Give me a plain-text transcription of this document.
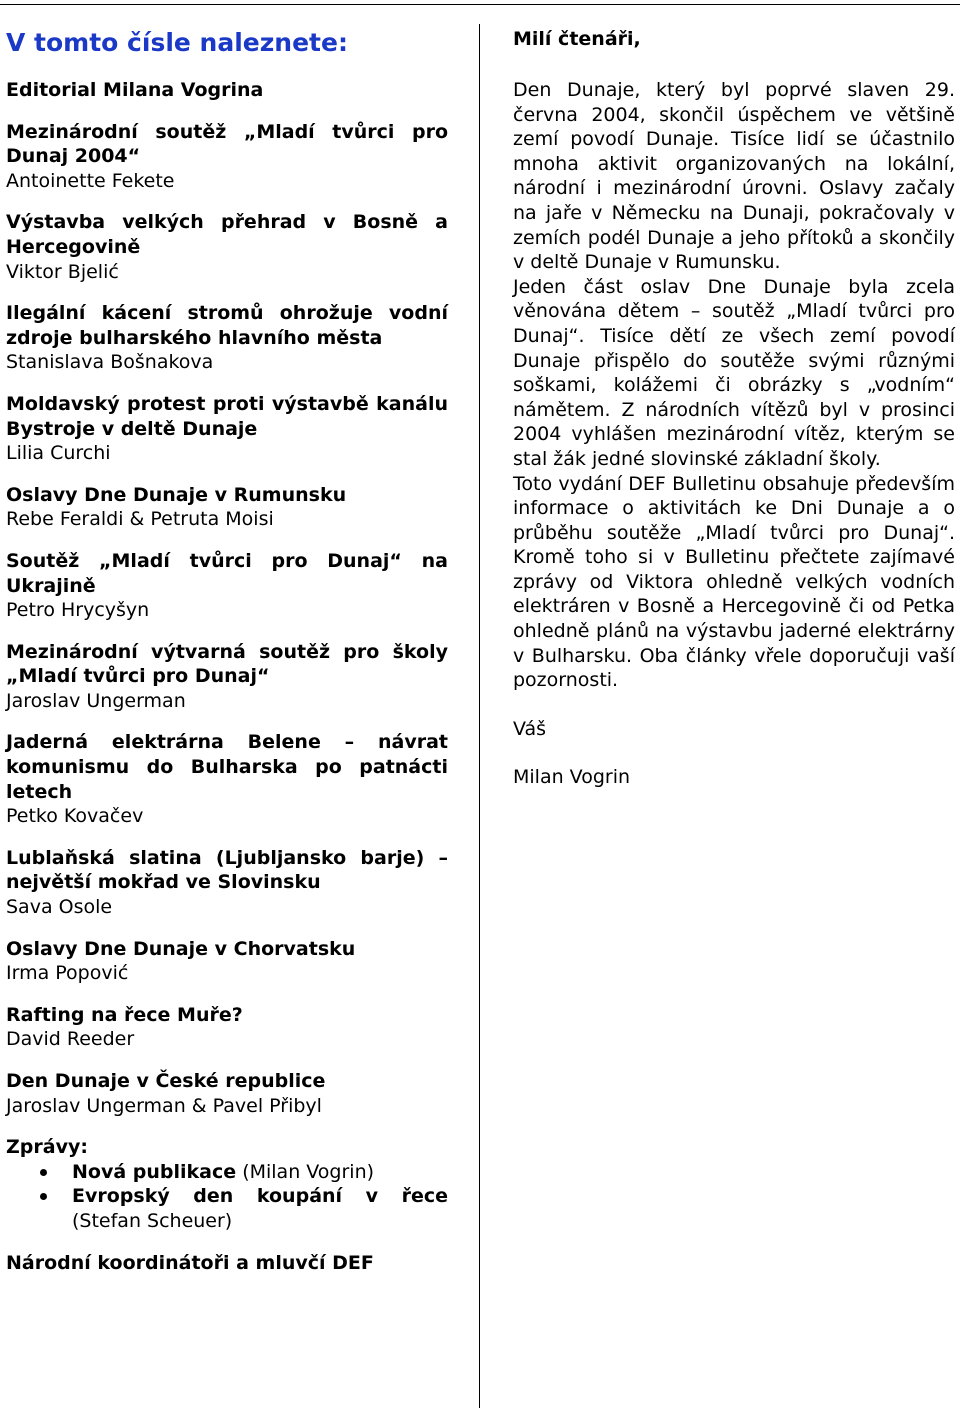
V tomto čísle naleznete:
Editorial Milana Vogrina
Mezinárodní soutěž „Mladí tvůrci pro Dunaj 2004“
Antoinette Fekete
Výstavba velkých přehrad v Bosně a Hercegovině
Viktor Bjelić
Ilegální kácení stromů ohrožuje vodní zdroje bulharského hlavního města
Stanislava Bošnakova
Moldavský protest proti výstavbě kanálu Bystroje v deltě Dunaje
Lilia Curchi
Oslavy Dne Dunaje v Rumunsku
Rebe Feraldi & Petruta Moisi
Soutěž „Mladí tvůrci pro Dunaj“ na Ukrajině
Petro Hrycyšyn
Mezinárodní výtvarná soutěž pro školy „Mladí tvůrci pro Dunaj“
Jaroslav Ungerman
Jaderná elektrárna Belene – návrat komunismu do Bulharska po patnácti letech
Petko Kovačev
Lublaňská slatina (Ljubljansko barje) – největší mokřad ve Slovinsku
Sava Osole
Oslavy Dne Dunaje v Chorvatsku
Irma Popović
Rafting na řece Muře?
David Reeder
Den Dunaje v České republice
Jaroslav Ungerman & Pavel Přibyl
Zprávy:
Nová publikace (Milan Vogrin)
Evropský den koupání v řece (Stefan Scheuer)
Národní koordinátoři a mluvčí DEF
Milí čtenáři,
Den Dunaje, který byl poprvé slaven 29. června 2004, skončil úspěchem ve většině zemí povodí Dunaje. Tisíce lidí se účastnilo mnoha aktivit organizovaných na lokální, národní i mezinárodní úrovni. Oslavy začaly na jaře v Německu na Dunaji, pokračovaly v zemích podél Dunaje a jeho přítoků a skončily v deltě Dunaje v Rumunsku.
Jeden část oslav Dne Dunaje byla zcela věnována dětem – soutěž „Mladí tvůrci pro Dunaj“. Tisíce dětí ze všech zemí povodí Dunaje přispělo do soutěže svými různými soškami, kolážemi či obrázky s „vodním“ námětem. Z národních vítězů byl v prosinci 2004 vyhlášen mezinárodní vítěz, kterým se stal žák jedné slovinské základní školy.
Toto vydání DEF Bulletinu obsahuje především informace o aktivitách ke Dni Dunaje a o průběhu soutěže „Mladí tvůrci pro Dunaj“. Kromě toho si v Bulletinu přečtete zajímavé zprávy od Viktora ohledně velkých vodních elektráren v Bosně a Hercegovině či od Petka ohledně plánů na výstavbu jaderné elektrárny v Bulharsku. Oba články vřele doporučuji vaší pozornosti.
Váš
Milan Vogrin
